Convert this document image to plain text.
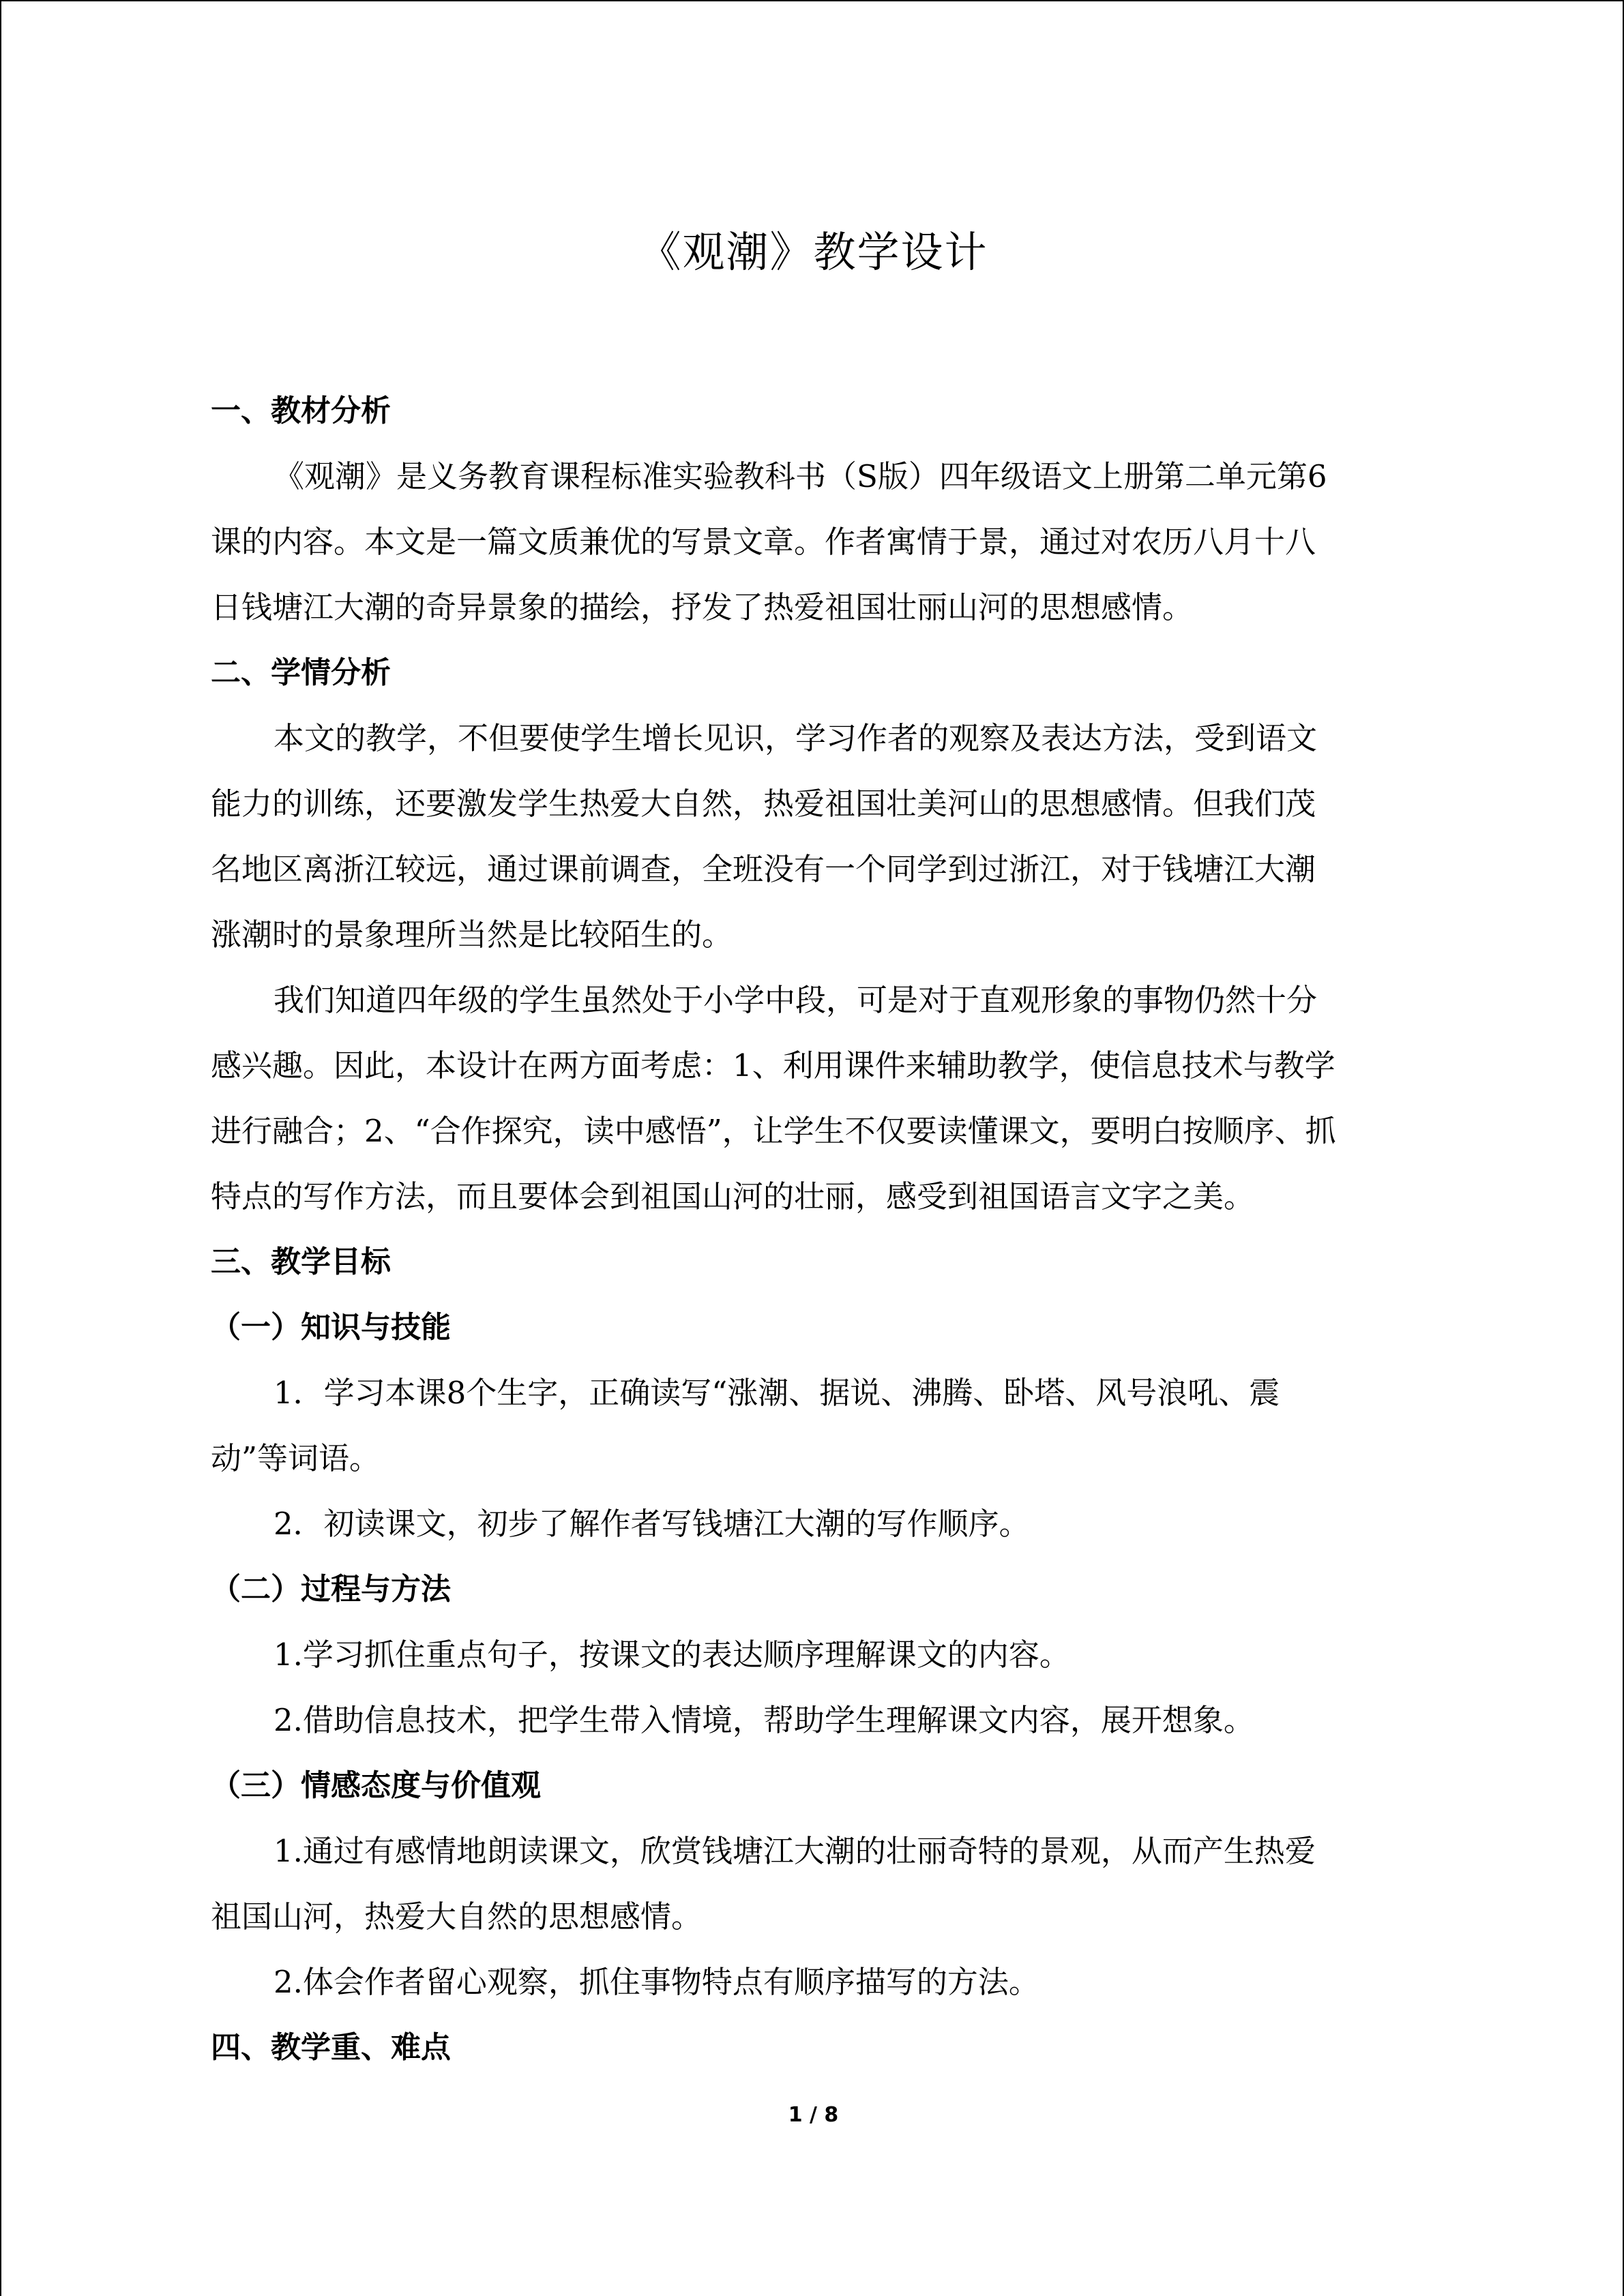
《观潮》教学设计
一、教材分析
《观潮》是义务教育课程标准实验教科书（S版）四年级语文上册第二单元第6
课的内容。本文是一篇文质兼优的写景文章。作者寓情于景，通过对农历八月十八
日钱塘江大潮的奇异景象的描绘，抒发了热爱祖国壮丽山河的思想感情。
二、学情分析
本文的教学，不但要使学生增长见识，学习作者的观察及表达方法，受到语文
能力的训练，还要激发学生热爱大自然，热爱祖国壮美河山的思想感情。但我们茂
名地区离浙江较远，通过课前调查，全班没有一个同学到过浙江，对于钱塘江大潮
涨潮时的景象理所当然是比较陌生的。
我们知道四年级的学生虽然处于小学中段，可是对于直观形象的事物仍然十分
感兴趣。因此，本设计在两方面考虑：1、利用课件来辅助教学，使信息技术与教学
进行融合；2、“合作探究，读中感悟”，让学生不仅要读懂课文，要明白按顺序、抓
特点的写作方法，而且要体会到祖国山河的壮丽，感受到祖国语言文字之美。
三、教学目标
（一）知识与技能
1．学习本课8个生字，正确读写“涨潮、据说、沸腾、卧塔、风号浪吼、震
动”等词语。
2．初读课文，初步了解作者写钱塘江大潮的写作顺序。
（二）过程与方法
1.学习抓住重点句子，按课文的表达顺序理解课文的内容。
2.借助信息技术，把学生带入情境，帮助学生理解课文内容，展开想象。
（三）情感态度与价值观
1.通过有感情地朗读课文，欣赏钱塘江大潮的壮丽奇特的景观，从而产生热爱
祖国山河，热爱大自然的思想感情。
2.体会作者留心观察，抓住事物特点有顺序描写的方法。
四、教学重、难点
1 / 8
